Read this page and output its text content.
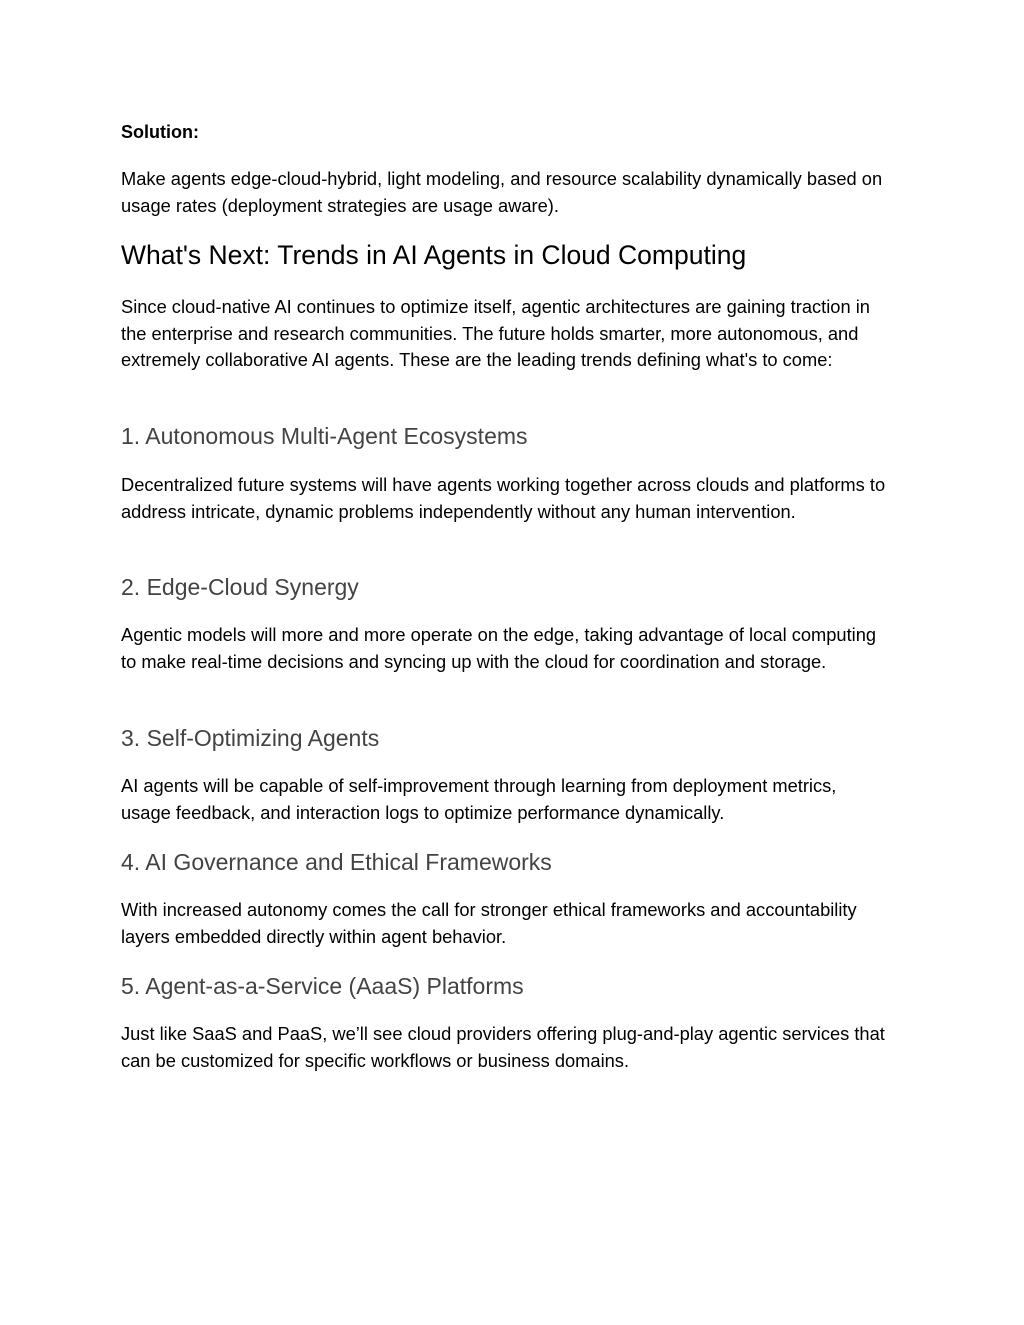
Solution:

Make agents edge-cloud-hybrid, light modeling, and resource scalability dynamically based on usage rates (deployment strategies are usage aware).

What's Next: Trends in AI Agents in Cloud Computing

Since cloud-native AI continues to optimize itself, agentic architectures are gaining traction in the enterprise and research communities. The future holds smarter, more autonomous, and extremely collaborative AI agents. These are the leading trends defining what's to come:

1. Autonomous Multi-Agent Ecosystems

Decentralized future systems will have agents working together across clouds and platforms to address intricate, dynamic problems independently without any human intervention.

2. Edge-Cloud Synergy

Agentic models will more and more operate on the edge, taking advantage of local computing to make real-time decisions and syncing up with the cloud for coordination and storage.

3. Self-Optimizing Agents

AI agents will be capable of self-improvement through learning from deployment metrics, usage feedback, and interaction logs to optimize performance dynamically.

4. AI Governance and Ethical Frameworks

With increased autonomy comes the call for stronger ethical frameworks and accountability layers embedded directly within agent behavior.

5. Agent-as-a-Service (AaaS) Platforms

Just like SaaS and PaaS, we’ll see cloud providers offering plug-and-play agentic services that can be customized for specific workflows or business domains.
